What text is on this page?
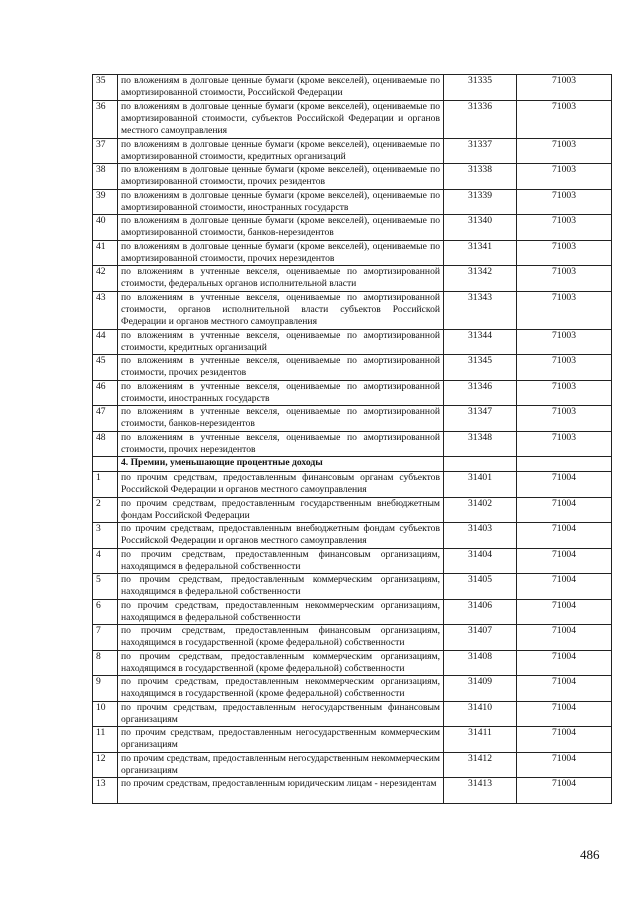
35	по вложениям в долговые ценные бумаги (кроме векселей), оцениваемые по амортизированной стоимости, Российской Федерации	31335	71003
36	по вложениям в долговые ценные бумаги (кроме векселей), оцениваемые по амортизированной стоимости, субъектов Российской Федерации и органов местного самоуправления	31336	71003
37	по вложениям в долговые ценные бумаги (кроме векселей), оцениваемые по амортизированной стоимости, кредитных организаций	31337	71003
38	по вложениям в долговые ценные бумаги (кроме векселей), оцениваемые по амортизированной стоимости, прочих резидентов	31338	71003
39	по вложениям в долговые ценные бумаги (кроме векселей), оцениваемые по амортизированной стоимости, иностранных государств	31339	71003
40	по вложениям в долговые ценные бумаги (кроме векселей), оцениваемые по амортизированной стоимости, банков-нерезидентов	31340	71003
41	по вложениям в долговые ценные бумаги (кроме векселей), оцениваемые по амортизированной стоимости, прочих нерезидентов	31341	71003
42	по вложениям в учтенные векселя, оцениваемые по амортизированной стоимости, федеральных органов исполнительной власти	31342	71003
43	по вложениям в учтенные векселя, оцениваемые по амортизированной стоимости, органов исполнительной власти субъектов Российской Федерации и органов местного самоуправления	31343	71003
44	по вложениям в учтенные векселя, оцениваемые по амортизированной стоимости, кредитных организаций	31344	71003
45	по вложениям в учтенные векселя, оцениваемые по амортизированной стоимости, прочих резидентов	31345	71003
46	по вложениям в учтенные векселя, оцениваемые по амортизированной стоимости, иностранных государств	31346	71003
47	по вложениям в учтенные векселя, оцениваемые по амортизированной стоимости, банков-нерезидентов	31347	71003
48	по вложениям в учтенные векселя, оцениваемые по амортизированной стоимости, прочих нерезидентов	31348	71003
	4. Премии, уменьшающие процентные доходы		
1	по прочим средствам, предоставленным финансовым органам субъектов Российской Федерации и органов местного самоуправления	31401	71004
2	по прочим средствам, предоставленным государственным внебюджетным фондам Российской Федерации	31402	71004
3	по прочим средствам, предоставленным внебюджетным фондам субъектов Российской Федерации и органов местного самоуправления	31403	71004
4	по прочим средствам, предоставленным финансовым организациям, находящимся в федеральной собственности	31404	71004
5	по прочим средствам, предоставленным коммерческим организациям, находящимся в федеральной собственности	31405	71004
6	по прочим средствам, предоставленным некоммерческим организациям, находящимся в федеральной собственности	31406	71004
7	по прочим средствам, предоставленным финансовым организациям, находящимся в государственной (кроме федеральной) собственности	31407	71004
8	по прочим средствам, предоставленным коммерческим организациям, находящимся в государственной (кроме федеральной) собственности	31408	71004
9	по прочим средствам, предоставленным некоммерческим организациям, находящимся в государственной (кроме федеральной) собственности	31409	71004
10	по прочим средствам, предоставленным негосударственным финансовым организациям	31410	71004
11	по прочим средствам, предоставленным негосударственным коммерческим организациям	31411	71004
12	по прочим средствам, предоставленным негосударственным некоммерческим организациям	31412	71004
13	по прочим средствам, предоставленным юридическим лицам - нерезидентам	31413	71004
486
